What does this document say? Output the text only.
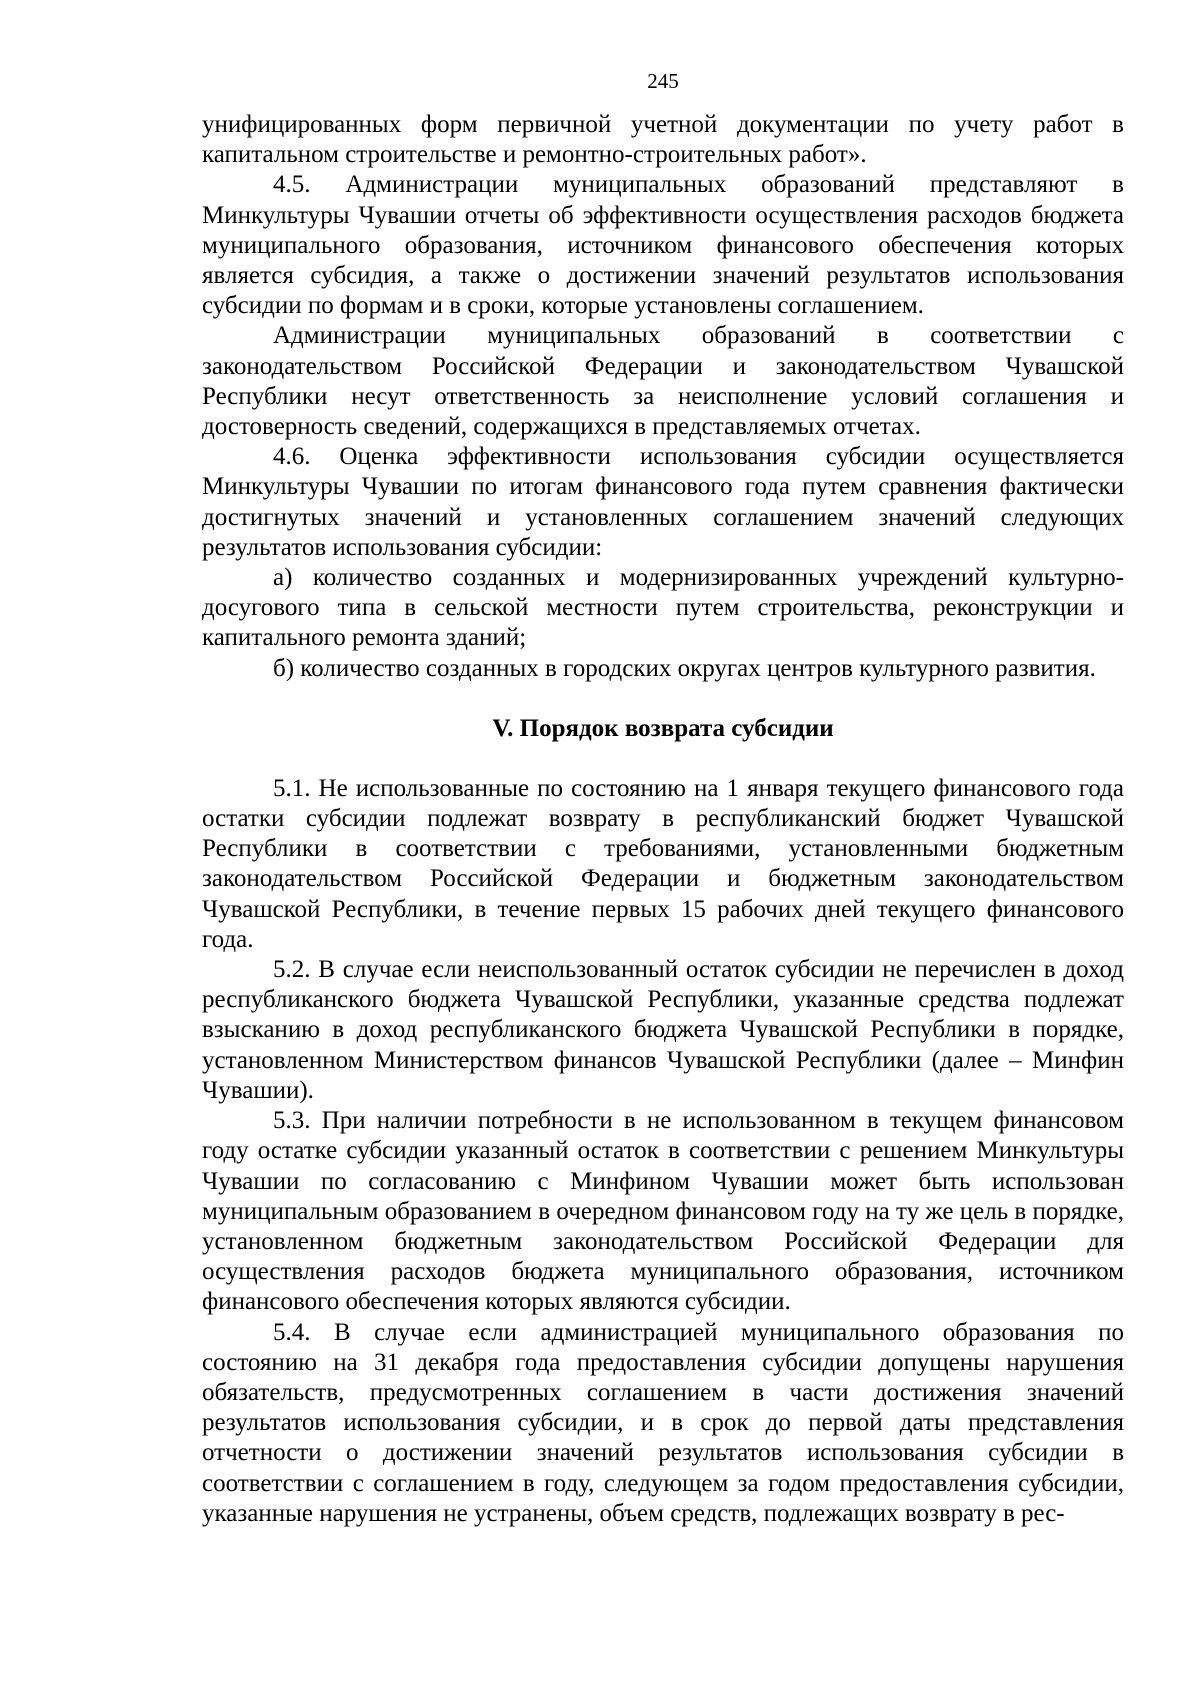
245

унифицированных форм первичной учетной документации по учету работ в капитальном строительстве и ремонтно-строительных работ».

4.5. Администрации муниципальных образований представляют в Минкультуры Чувашии отчеты об эффективности осуществления расходов бюджета муниципального образования, источником финансового обеспечения которых является субсидия, а также о достижении значений результатов использования субсидии по формам и в сроки, которые установлены соглашением.

Администрации муниципальных образований в соответствии с законодательством Российской Федерации и законодательством Чувашской Республики несут ответственность за неисполнение условий соглашения и достоверность сведений, содержащихся в представляемых отчетах.

4.6. Оценка эффективности использования субсидии осуществляется Минкультуры Чувашии по итогам финансового года путем сравнения фактически достигнутых значений и установленных соглашением значений следующих результатов использования субсидии:

а) количество созданных и модернизированных учреждений культурно-досугового типа в сельской местности путем строительства, реконструкции и капитального ремонта зданий;

б) количество созданных в городских округах центров культурного развития.

V. Порядок возврата субсидии

5.1. Не использованные по состоянию на 1 января текущего финансового года остатки субсидии подлежат возврату в республиканский бюджет Чувашской Республики в соответствии с требованиями, установленными бюджетным законодательством Российской Федерации и бюджетным законодательством Чувашской Республики, в течение первых 15 рабочих дней текущего финансового года.

5.2. В случае если неиспользованный остаток субсидии не перечислен в доход республиканского бюджета Чувашской Республики, указанные средства подлежат взысканию в доход республиканского бюджета Чувашской Республики в порядке, установленном Министерством финансов Чувашской Республики (далее – Минфин Чувашии).

5.3. При наличии потребности в не использованном в текущем финансовом году остатке субсидии указанный остаток в соответствии с решением Минкультуры Чувашии по согласованию с Минфином Чувашии может быть использован муниципальным образованием в очередном финансовом году на ту же цель в порядке, установленном бюджетным законодательством Российской Федерации для осуществления расходов бюджета муниципального образования, источником финансового обеспечения которых являются субсидии.

5.4. В случае если администрацией муниципального образования по состоянию на 31 декабря года предоставления субсидии допущены нарушения обязательств, предусмотренных соглашением в части достижения значений результатов использования субсидии, и в срок до первой даты представления отчетности о достижении значений результатов использования субсидии в соответствии с соглашением в году, следующем за годом предоставления субсидии, указанные нарушения не устранены, объем средств, подлежащих возврату в рес-
